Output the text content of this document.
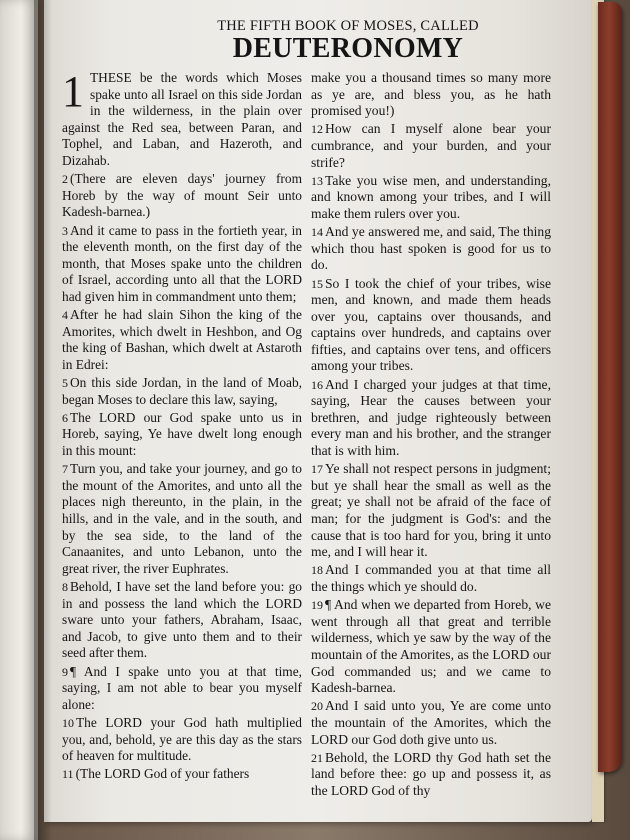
THE FIFTH BOOK OF MOSES, CALLED
DEUTERONOMY

1 THESE be the words which Moses spake unto all Israel on this side Jordan in the wilderness, in the plain over against the Red sea, between Paran, and Tophel, and Laban, and Hazeroth, and Dizahab.

2 (There are eleven days' journey from Horeb by the way of mount Seir unto Kadesh-barnea.)

3 And it came to pass in the fortieth year, in the eleventh month, on the first day of the month, that Moses spake unto the children of Israel, according unto all that the LORD had given him in commandment unto them;

4 After he had slain Sihon the king of the Amorites, which dwelt in Heshbon, and Og the king of Bashan, which dwelt at Astaroth in Edrei:

5 On this side Jordan, in the land of Moab, began Moses to declare this law, saying,

6 The LORD our God spake unto us in Horeb, saying, Ye have dwelt long enough in this mount:

7 Turn you, and take your journey, and go to the mount of the Amorites, and unto all the places nigh thereunto, in the plain, in the hills, and in the vale, and in the south, and by the sea side, to the land of the Canaanites, and unto Lebanon, unto the great river, the river Euphrates.

8 Behold, I have set the land before you: go in and possess the land which the LORD sware unto your fathers, Abraham, Isaac, and Jacob, to give unto them and to their seed after them.

9 ¶ And I spake unto you at that time, saying, I am not able to bear you myself alone:

10 The LORD your God hath multiplied you, and, behold, ye are this day as the stars of heaven for multitude.

11 (The LORD God of your fathers

make you a thousand times so many more as ye are, and bless you, as he hath promised you!)

12 How can I myself alone bear your cumbrance, and your burden, and your strife?

13 Take you wise men, and understanding, and known among your tribes, and I will make them rulers over you.

14 And ye answered me, and said, The thing which thou hast spoken is good for us to do.

15 So I took the chief of your tribes, wise men, and known, and made them heads over you, captains over thousands, and captains over hundreds, and captains over fifties, and captains over tens, and officers among your tribes.

16 And I charged your judges at that time, saying, Hear the causes between your brethren, and judge righteously between every man and his brother, and the stranger that is with him.

17 Ye shall not respect persons in judgment; but ye shall hear the small as well as the great; ye shall not be afraid of the face of man; for the judgment is God's: and the cause that is too hard for you, bring it unto me, and I will hear it.

18 And I commanded you at that time all the things which ye should do.

19 ¶ And when we departed from Horeb, we went through all that great and terrible wilderness, which ye saw by the way of the mountain of the Amorites, as the LORD our God commanded us; and we came to Kadesh-barnea.

20 And I said unto you, Ye are come unto the mountain of the Amorites, which the LORD our God doth give unto us.

21 Behold, the LORD thy God hath set the land before thee: go up and possess it, as the LORD God of thy
